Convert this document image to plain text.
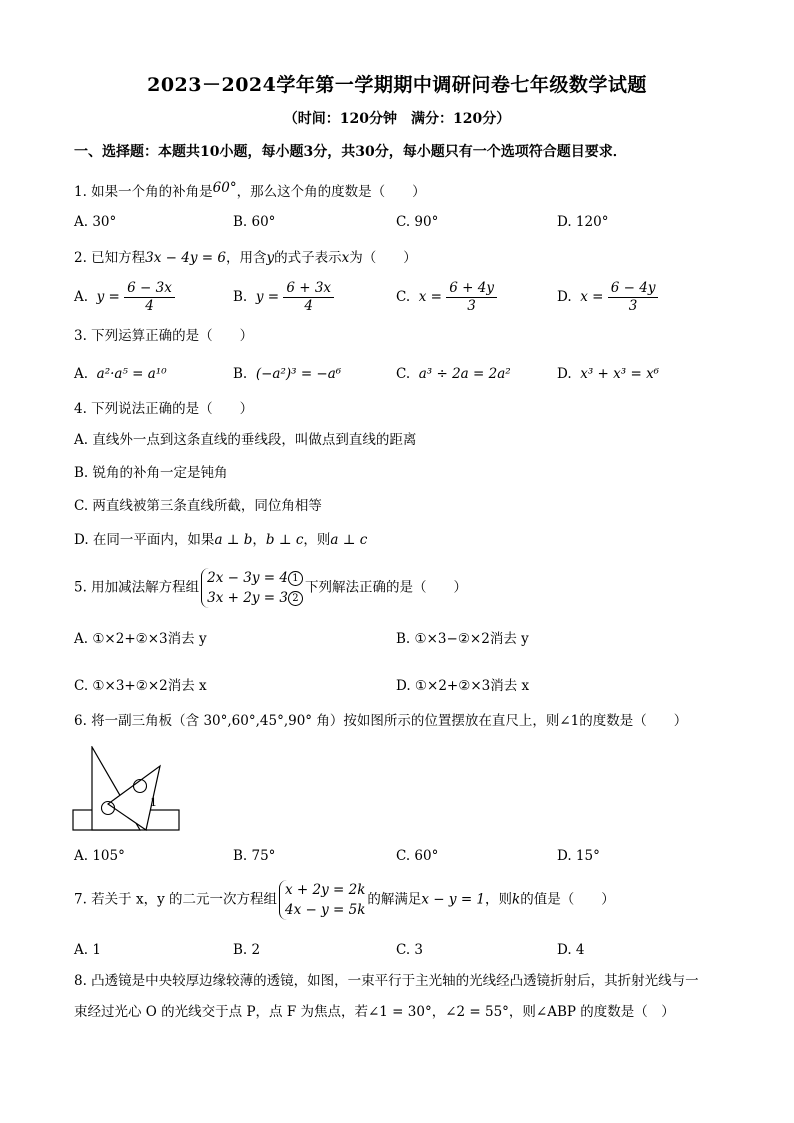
2023－2024学年第一学期期中调研问卷七年级数学试题
（时间：120分钟　满分：120分）
一、选择题：本题共10小题，每小题3分，共30分，每小题只有一个选项符合题目要求．
1. 如果一个角的补角是60°，那么这个角的度数是（　　）
A. 30°	B. 60°	C. 90°	D. 120°
2. 已知方程3x − 4y = 6，用含y的式子表示x为（　　）
A. $y = \frac{6 - 3x}{4}$	B. $y = \frac{6 + 3x}{4}$	C. $x = \frac{6 + 4y}{3}$	D. $x = \frac{6 - 4y}{3}$
3. 下列运算正确的是（　　）
A. a²·a⁵ = a¹⁰	B. (−a²)³ = −a⁶	C. a³ ÷ 2a = 2a²	D. x³ + x³ = x⁶
4. 下列说法正确的是（　　）
A. 直线外一点到这条直线的垂线段，叫做点到直线的距离
B. 锐角的补角一定是钝角
C. 两直线被第三条直线所截，同位角相等
D. 在同一平面内，如果a ⊥ b，b ⊥ c，则a ⊥ c
5. 用加减法解方程组
2x − 3y = 4 1
3x + 2y = 3 2
下列解法正确的是（　　）
A. ①×2+②×3消去 y	B. ①×3−②×2消去 y
C. ①×3+②×2消去 x	D. ①×2+②×3消去 x
6. 将一副三角板（含 30°,60°,45°,90° 角）按如图所示的位置摆放在直尺上，则∠1的度数是（　　）
1
A. 105°	B. 75°	C. 60°	D. 15°
7. 若关于 x，y 的二元一次方程组
x + 2y = 2k
4x − y = 5k
的解满足x − y = 1，则k的值是（　　）
A. 1	B. 2	C. 3	D. 4
8. 凸透镜是中央较厚边缘较薄的透镜，如图，一束平行于主光轴的光线经凸透镜折射后，其折射光线与一
束经过光心 O 的光线交于点 P，点 F 为焦点，若∠1 = 30°，∠2 = 55°，则∠ABP 的度数是（　）
